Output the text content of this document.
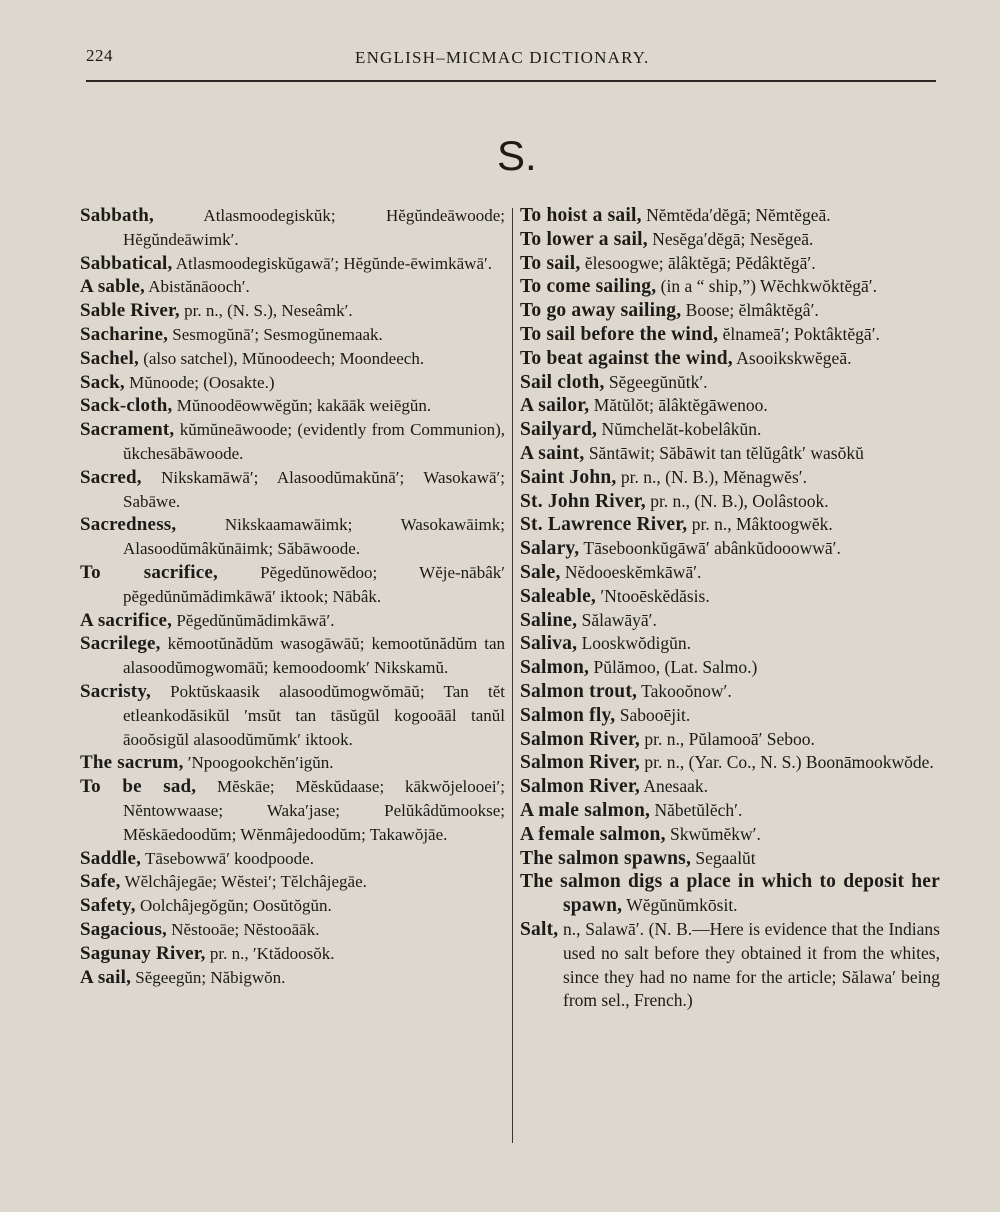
224	ENGLISH–MICMAC DICTIONARY.
S.

Sabbath, Atlasmoodegiskŭk; Hĕgŭndeāwoode; Hĕgŭndeāwimk′.

Sabbatical, Atlasmoodegiskŭgawā′; Hĕgŭnde-ēwimkāwā′.

A sable, Abistănāooch′.

Sable River, pr. n., (N. S.), Neseâmk′.

Sacharine, Sesmogŭnā′; Sesmogŭnemaak.

Sachel, (also satchel), Mŭnoodeech; Moondeech.

Sack, Mŭnoode; (Oosakte.)

Sack-cloth, Mŭnoodēowwĕgŭn; kakāāk weiēgŭn.

Sacrament, kŭmŭneāwoode; (evidently from Communion), ŭkchesābāwoode.

Sacred, Nikskamāwā′; Alasoodŭmakŭnā′; Wasokawā′; Sabāwe.

Sacredness, Nikskaamawāimk; Wasokawāimk; Alasoodŭmâkŭnāimk; Săbāwoode.

To sacrifice, Pĕgedŭnowĕdoo; Wĕje-nābâk′ pĕgedŭnŭmădimkāwā′ iktook; Nābâk.

A sacrifice, Pĕgedŭnŭmădimkāwā′.

Sacrilege, kĕmootŭnădŭm wasogāwāŭ; kemootŭnădŭm tan alasoodŭmogwomāŭ; kemoodoomk′ Nikskamŭ.

Sacristy, Poktŭskaasik alasoodŭmogwŏmāŭ; Tan tĕt etleankodăsikŭl ′msŭt tan tāsŭgŭl kogooāāl tanŭl āooŏsigŭl alasoodŭmŭmk′ iktook.

The sacrum, ′Npoogookchĕn′igŭn.

To be sad, Mĕskāe; Mĕskŭdaase; kākwŏjelooei′; Nĕntowwaase; Waka′jase; Pelŭkâdŭmookse; Mĕskāedoodŭm; Wĕnmâjedoodŭm; Takawŏjāe.

Saddle, Tāsebowwā′ koodpoode.

Safe, Wĕlchâjegāe; Wĕstei′; Tĕlchâjegāe.

Safety, Oolchâjegŏgŭn; Oosŭtŏgŭn.

Sagacious, Nĕstooāe; Nĕstooāāk.

Sagunay River, pr. n., ′Ktădoosŏk.

A sail, Sĕgeegŭn; Năbigwŏn.

To hoist a sail, Nĕmtĕda′dĕgā; Nĕmtĕgeā.

To lower a sail, Nesĕga′dĕgā; Nesĕgeā.

To sail, ĕlesoogwe; ālâktĕgā; Pĕdâktĕgā′.

To come sailing, (in a “ ship,”) Wĕchkwŏktĕgā′.

To go away sailing, Boose; ĕlmâktĕgâ′.

To sail before the wind, ĕlnameā′; Poktâktĕgā′.

To beat against the wind, Asooikskwĕgeā.

Sail cloth, Sĕgeegŭnŭtk′.

A sailor, Mătŭlŏt; ālâktĕgāwenoo.

Sailyard, Nŭmchelăt-kobelâkŭn.

A saint, Săntāwit; Săbāwit tan tĕlŭgâtk′ wasŏkŭ

Saint John, pr. n., (N. B.), Mĕnagwĕs′.

St. John River, pr. n., (N. B.), Oolâstook.

St. Lawrence River, pr. n., Mâktoogwĕk.

Salary, Tāseboonkŭgāwā′ abânkŭdooowwā′.

Sale, Nĕdooeskĕmkāwā′.

Saleable, ′Ntooēskĕdăsis.

Saline, Sălawāyā′.

Saliva, Looskwŏdigŭn.

Salmon, Pŭlămoo, (Lat. Salmo.)

Salmon trout, Takooŏnow′.

Salmon fly, Sabooējit.

Salmon River, pr. n., Pŭlamooā′ Seboo.

Salmon River, pr. n., (Yar. Co., N. S.) Boonāmookwŏde.

Salmon River, Anesaak.

A male salmon, Năbetŭlĕch′.

A female salmon, Skwŭmĕkw′.

The salmon spawns, Segaalŭt

The salmon digs a place in which to deposit her spawn, Wĕgŭnŭmkōsit.

Salt, n., Salawā′. (N. B.—Here is evidence that the Indians used no salt before they obtained it from the whites, since they had no name for the article; Sălawa′ being from sel., French.)
